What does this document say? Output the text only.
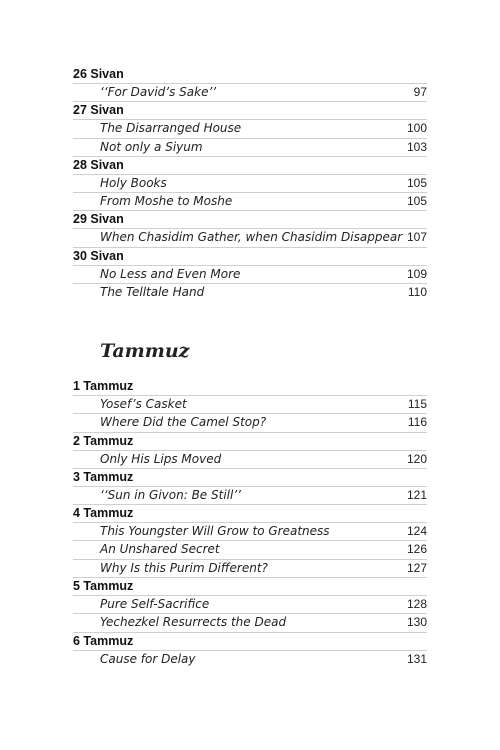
26 Sivan
‘‘For David’s Sake’’	97
27 Sivan
The Disarranged House	100
Not only a Siyum	103
28 Sivan
Holy Books	105
From Moshe to Moshe	105
29 Sivan
When Chasidim Gather, when Chasidim Disappear 107
30 Sivan
No Less and Even More	109
The Telltale Hand	110
Tammuz
1 Tammuz
Yosef’s Casket	115
Where Did the Camel Stop?	116
2 Tammuz
Only His Lips Moved	120
3 Tammuz
‘‘Sun in Givon: Be Still’’	121
4 Tammuz
This Youngster Will Grow to Greatness	124
An Unshared Secret	126
Why Is this Purim Different?	127
5 Tammuz
Pure Self-Sacrifice	128
Yechezkel Resurrects the Dead	130
6 Tammuz
Cause for Delay	131
